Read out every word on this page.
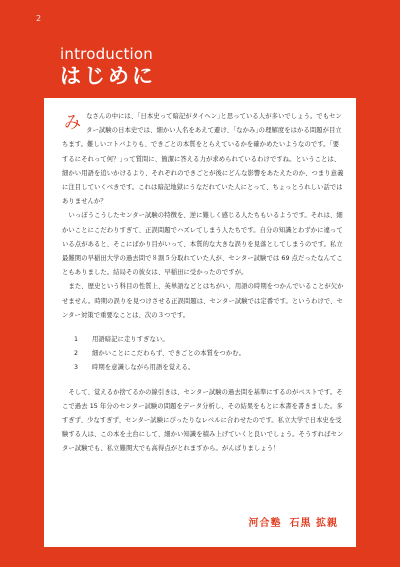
2
introduction
はじめに

みなさんの中には、｢日本史って暗記がタイヘン｣と思っている人が多いでしょう。でもセンター試験の日本史では、細かい人名をあえて避け、｢なかみ｣の理解度をはかる問題が目立ちます。難しいコトバよりも、できごとの本質をとらえているかを確かめたいようなのです。｢要するにそれって何？｣って質問に、簡潔に答える力が求められているわけですね。ということは、細かい用語を追いかけるより、それぞれのできごとが後にどんな影響をあたえたのか、つまり意義に注目していくべきです。これは暗記地獄にうなだれていた人にとって、ちょっとうれしい話ではありませんか？

いっぽうこうしたセンター試験の特徴を、逆に難しく感じる人たちもいるようです。それは、細かいことにこだわりすぎて、正誤問題でハズレてしまう人たちです。自分の知識とわずかに違っている点があると、そこにばかり目がいって、本質的な大きな誤りを見落としてしまうのです。私立最難関の早稲田大学の過去問で８割５分取れていた人が、センター試験では 69 点だったなんてこともありました。結局その彼女は、早稲田に受かったのですが。

また、歴史という科目の性質上、英単語などとはちがい、用語の時期をつかんでいることが欠かせません。時期の誤りを見つけさせる正誤問題は、センター試験では定番です。というわけで、センター対策で重要なことは、次の３つです。

1 用語暗記に走りすぎない。
2 細かいことにこだわらず、できごとの本質をつかむ。
3 時期を意識しながら用語を覚える。

そして、覚えるか捨てるかの線引きは、センター試験の過去問を基準にするのがベストです。そこで過去 15 年分のセンター試験の問題をデータ分析し、その結果をもとに本書を書きました。多すぎず、少なすぎず、センター試験にぴったりなレベルに合わせたのです。私立大学で日本史を受験する人は、この本を土台にして、細かい知識を積み上げていくと良いでしょう。そうすればセンター試験でも、私立難関大でも高得点がとれますから。がんばりましょう！

河合塾 石黒 拡親
